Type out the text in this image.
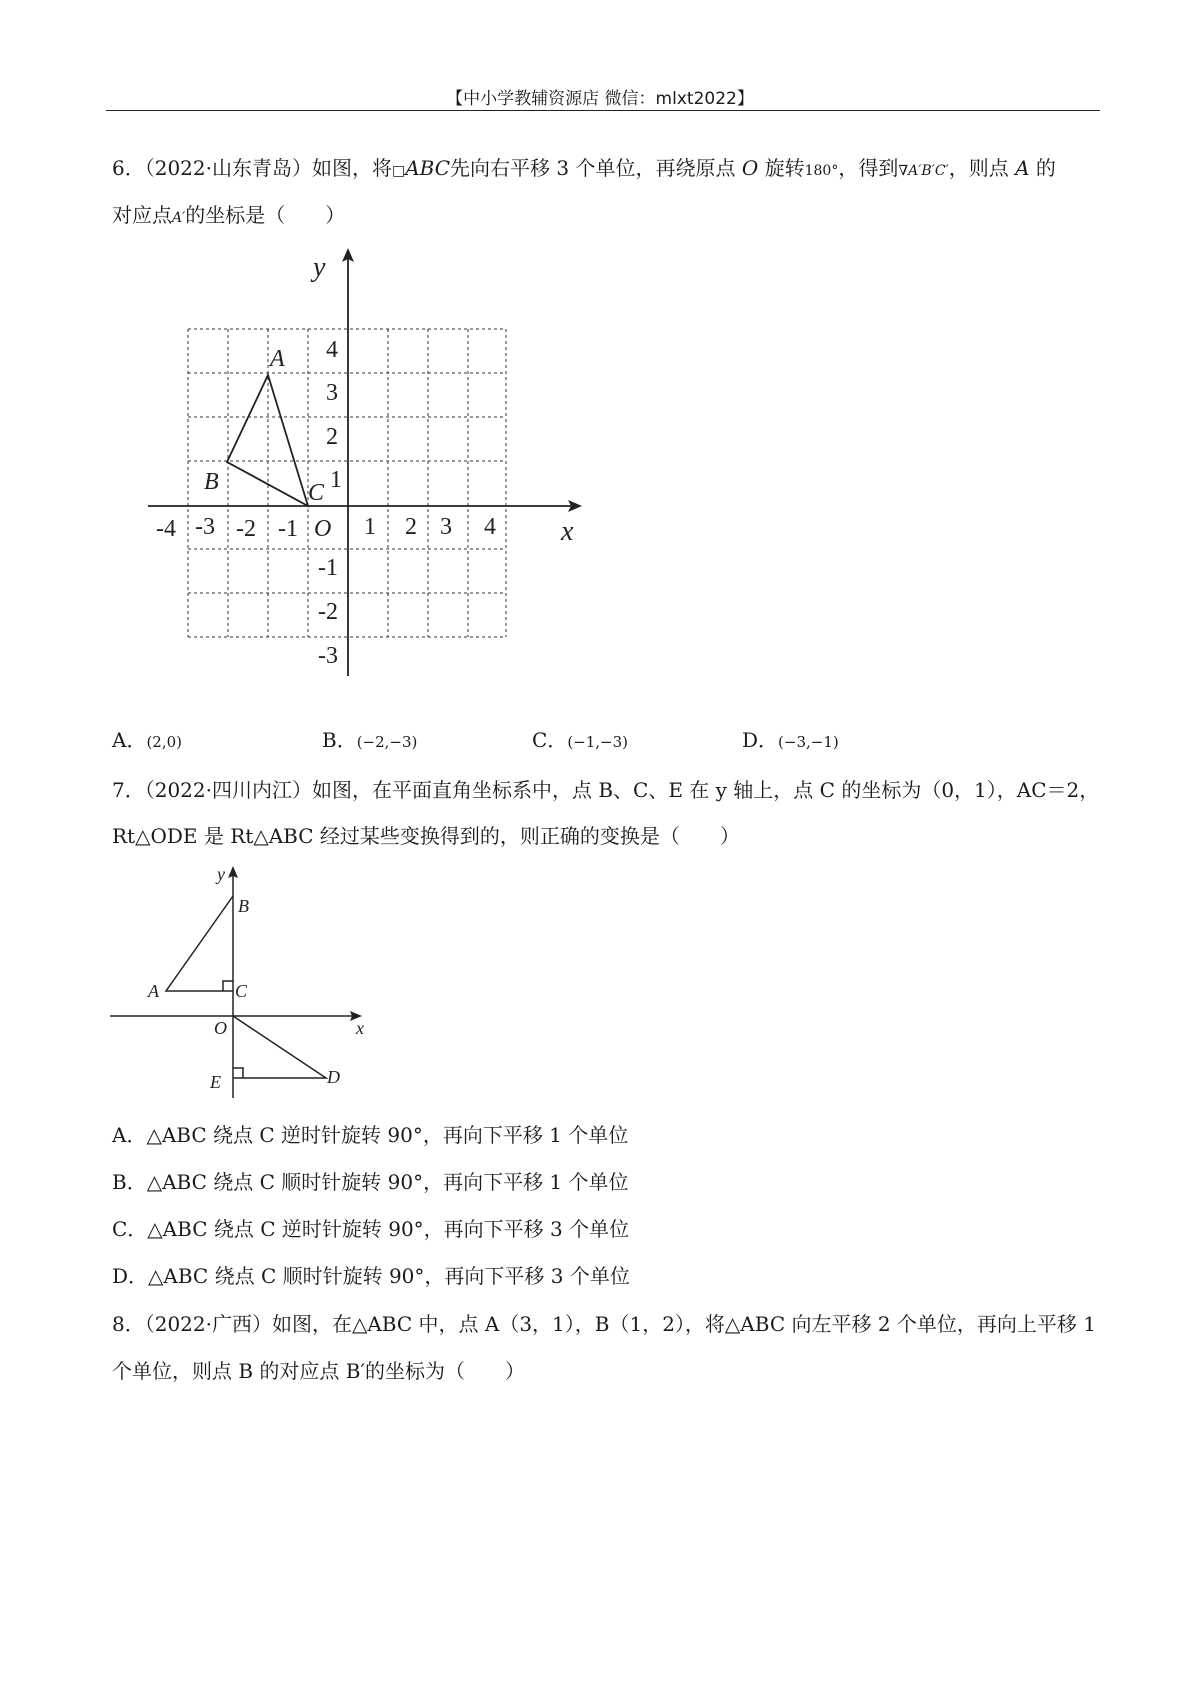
【中小学教辅资源店 微信：mlxt2022】
6．（2022·山东青岛）如图，将□ABC先向右平移 3 个单位，再绕原点 O 旋转180°，得到∇A′B′C′，则点 A 的
对应点A′的坐标是（　　）
y
x
O
A
B	C
-4 -3 -2 -1	1 2 3 4
4
3
2
1
-1
-2
-3
A．(2,0)	B．(−2,−3)	C．(−1,−3)	D．(−3,−1)
7．（2022·四川内江）如图，在平面直角坐标系中，点 B、C、E 在 y 轴上，点 C 的坐标为（0，1），AC＝2，
Rt△ODE 是 Rt△ABC 经过某些变换得到的，则正确的变换是（　　）
y
x
O
A
B
C
D
E
A．△ABC 绕点 C 逆时针旋转 90°，再向下平移 1 个单位
B．△ABC 绕点 C 顺时针旋转 90°，再向下平移 1 个单位
C．△ABC 绕点 C 逆时针旋转 90°，再向下平移 3 个单位
D．△ABC 绕点 C 顺时针旋转 90°，再向下平移 3 个单位
8．（2022·广西）如图，在△ABC 中，点 A（3，1），B（1，2），将△ABC 向左平移 2 个单位，再向上平移 1
个单位，则点 B 的对应点 B′的坐标为（　　）
